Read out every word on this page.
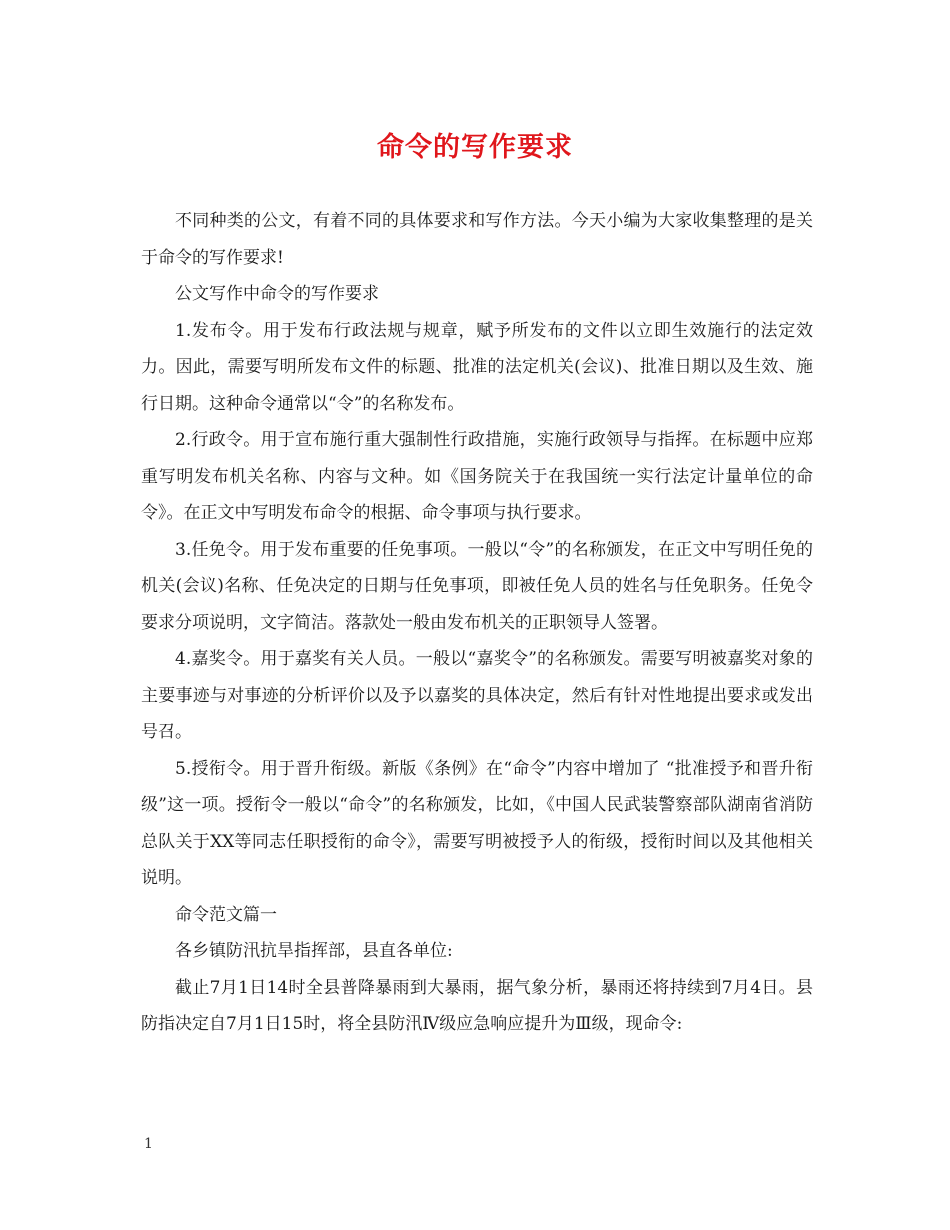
命令的写作要求

不同种类的公文，有着不同的具体要求和写作方法。今天小编为大家收集整理的是关于命令的写作要求!

公文写作中命令的写作要求

1.发布令。用于发布行政法规与规章，赋予所发布的文件以立即生效施行的法定效力。因此，需要写明所发布文件的标题、批准的法定机关(会议)、批准日期以及生效、施行日期。这种命令通常以“令”的名称发布。

2.行政令。用于宣布施行重大强制性行政措施，实施行政领导与指挥。在标题中应郑重写明发布机关名称、内容与文种。如《国务院关于在我国统一实行法定计量单位的命令》。在正文中写明发布命令的根据、命令事项与执行要求。

3.任免令。用于发布重要的任免事项。一般以“令”的名称颁发，在正文中写明任免的机关(会议)名称、任免决定的日期与任免事项，即被任免人员的姓名与任免职务。任免令要求分项说明，文字简洁。落款处一般由发布机关的正职领导人签署。

4.嘉奖令。用于嘉奖有关人员。一般以“嘉奖令”的名称颁发。需要写明被嘉奖对象的主要事迹与对事迹的分析评价以及予以嘉奖的具体决定，然后有针对性地提出要求或发出号召。

5.授衔令。用于晋升衔级。新版《条例》在“命令”内容中增加了 “批准授予和晋升衔级”这一项。授衔令一般以“命令”的名称颁发，比如，《中国人民武装警察部队湖南省消防总队关于XX等同志任职授衔的命令》，需要写明被授予人的衔级，授衔时间以及其他相关说明。

命令范文篇一

各乡镇防汛抗旱指挥部，县直各单位:

截止7月1日14时全县普降暴雨到大暴雨，据气象分析，暴雨还将持续到7月4日。县防指决定自7月1日15时，将全县防汛Ⅳ级应急响应提升为Ⅲ级，现命令:

1
